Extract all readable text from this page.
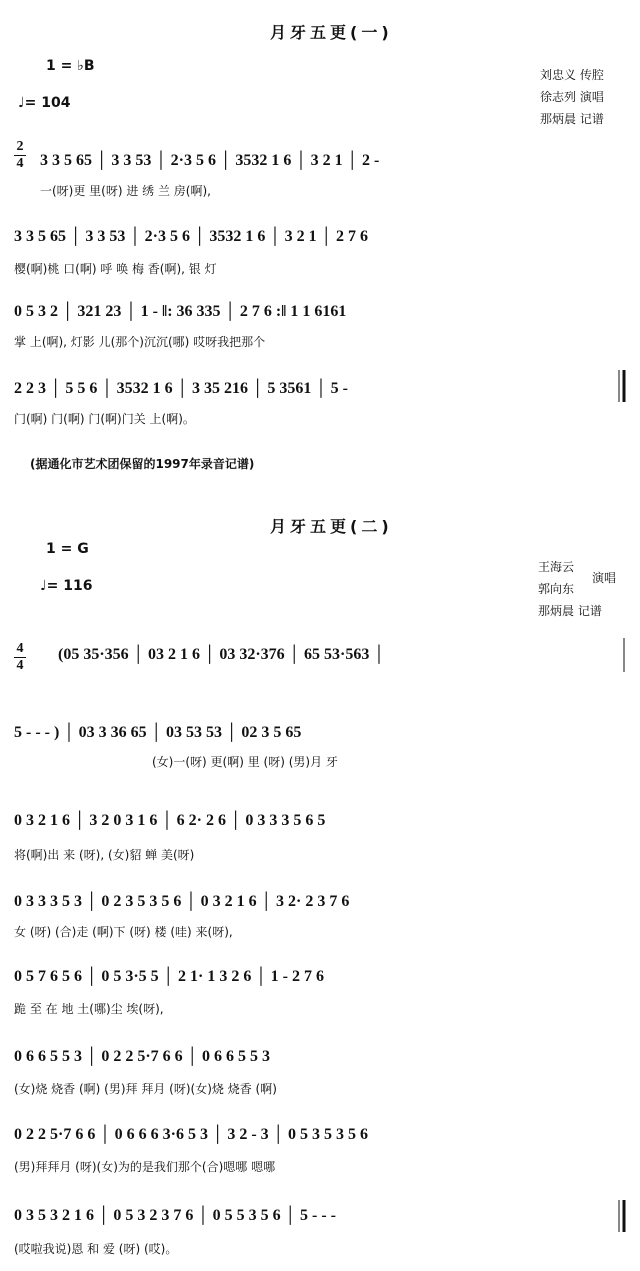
月牙五更(一)
1 = ♭B
♩= 104
刘忠义 传腔
徐志列 演唱
那炳晨 记谱
2
4 3 3 5 65 │ 3 3 53 │ 2·3 5 6 │ 3532 1 6 │ 3 2 1 │ 2 -
一(呀)更 里(呀) 进 绣 兰 房(啊),
3 3 5 65 │ 3 3 53 │ 2·3 5 6 │ 3532 1 6 │ 3 2 1 │ 2 7 6
樱(啊)桃 口(啊) 呼 唤 梅 香(啊), 银 灯
0 5 3 2 │ 321 23 │ 1 - ‖: 36 335 │ 2 7 6 :‖ 1 1 6161
掌 上(啊), 灯影 儿(那个)沉沉(哪) 哎呀我把那个
2 2 3 │ 5 5 6 │ 3532 1 6 │ 3 35 216 │ 5 3561 │ 5 -
门(啊) 门(啊) 门(啊)门关 上(啊)。
(据通化市艺术团保留的1997年录音记谱)
月牙五更(二)
1 = G
♩= 116
王海云
郭向东
演唱
那炳晨 记谱
4
4
(05 35·356 │ 03 2 1 6 │ 03 32·376 │ 65 53·563 │
5 - - - ) │ 03 3 36 65 │ 03 53 53 │ 02 3 5 65
(女)一(呀) 更(啊) 里 (呀) (男)月 牙
0 3 2 1 6 │ 3 2 0 3 1 6 │ 6 2· 2 6 │ 0 3 3 3 5 6 5
将(啊)出 来 (呀), (女)貂 蝉 美(呀)
0 3 3 3 5 3 │ 0 2 3 5 3 5 6 │ 0 3 2 1 6 │ 3 2· 2 3 7 6
女 (呀) (合)走 (啊)下 (呀) 楼 (哇) 来(呀),
0 5 7 6 5 6 │ 0 5 3·5 5 │ 2 1· 1 3 2 6 │ 1 - 2 7 6
跪 至 在 地 土(哪)尘 埃(呀),
0 6 6 5 5 3 │ 0 2 2 5·7 6 6 │ 0 6 6 5 5 3
(女)烧 烧香 (啊) (男)拜 拜月 (呀)(女)烧 烧香 (啊)
0 2 2 5·7 6 6 │ 0 6 6 6 3·6 5 3 │ 3 2 - 3 │ 0 5 3 5 3 5 6
(男)拜拜月 (呀)(女)为的是我们那个(合)嗯哪 嗯哪
0 3 5 3 2 1 6 │ 0 5 3 2 3 7 6 │ 0 5 5 3 5 6 │ 5 - - -
(哎啦我说)恩 和 爱 (呀) (哎)。
